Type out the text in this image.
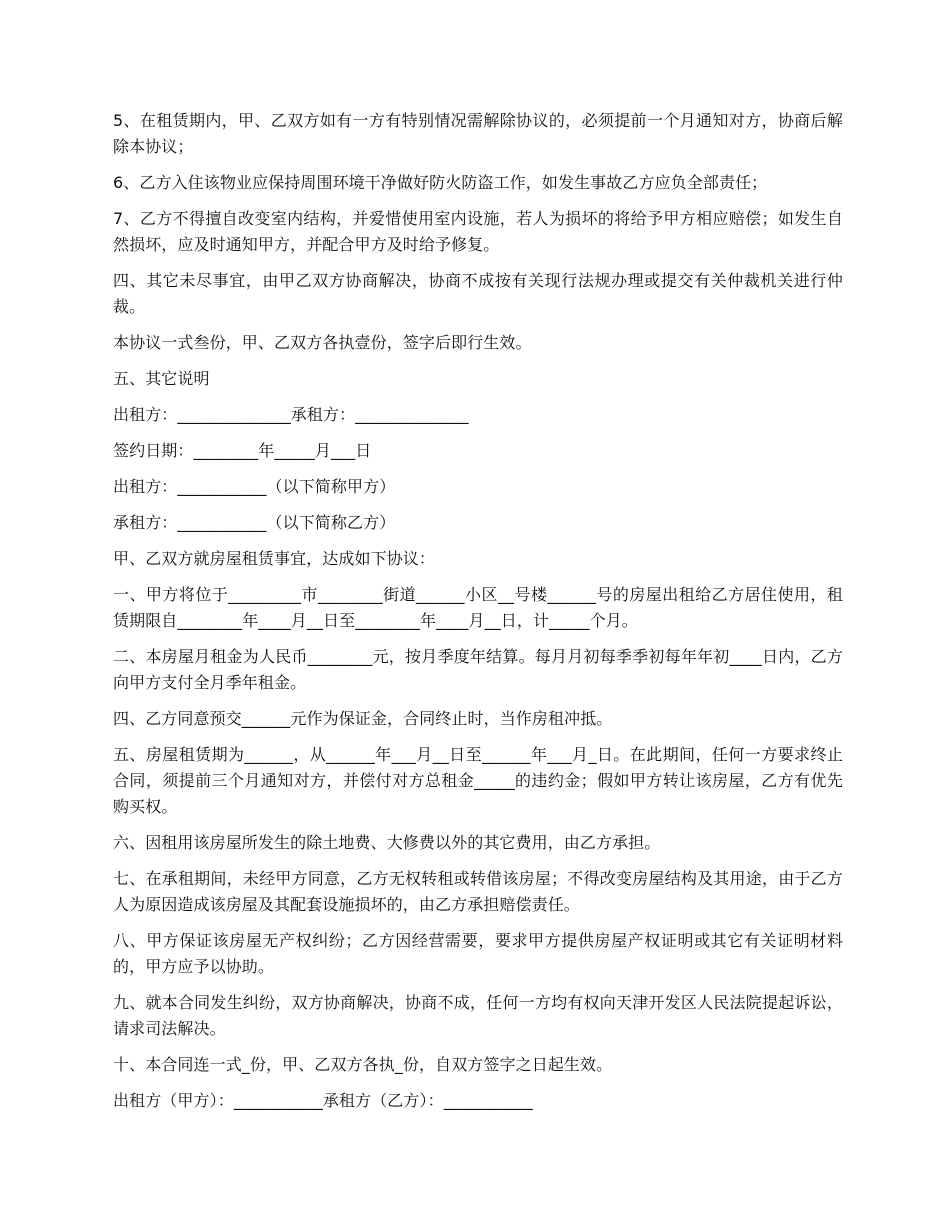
5、在租赁期内，甲、乙双方如有一方有特别情况需解除协议的，必须提前一个月通知对方，协商后解除本协议；

6、乙方入住该物业应保持周围环境干净做好防火防盗工作，如发生事故乙方应负全部责任；

7、乙方不得擅自改变室内结构，并爱惜使用室内设施，若人为损坏的将给予甲方相应赔偿；如发生自然损坏，应及时通知甲方，并配合甲方及时给予修复。

四、其它未尽事宜，由甲乙双方协商解决，协商不成按有关现行法规办理或提交有关仲裁机关进行仲裁。

本协议一式叁份，甲、乙双方各执壹份，签字后即行生效。

五、其它说明

出租方：______________承租方：______________

签约日期：________年_____月___日

出租方：___________（以下简称甲方）

承租方：___________（以下简称乙方）

甲、乙双方就房屋租赁事宜，达成如下协议：

一、甲方将位于_________市________街道______小区__号楼______号的房屋出租给乙方居住使用，租赁期限自________年____月__日至________年____月__日，计_____个月。

二、本房屋月租金为人民币________元，按月季度年结算。每月月初每季季初每年年初____日内，乙方向甲方支付全月季年租金。

四、乙方同意预交______元作为保证金，合同终止时，当作房租冲抵。

五、房屋租赁期为______，从______年___月__日至______年___月_日。在此期间，任何一方要求终止合同，须提前三个月通知对方，并偿付对方总租金_____的违约金；假如甲方转让该房屋，乙方有优先购买权。

六、因租用该房屋所发生的除土地费、大修费以外的其它费用，由乙方承担。

七、在承租期间，未经甲方同意，乙方无权转租或转借该房屋；不得改变房屋结构及其用途，由于乙方人为原因造成该房屋及其配套设施损坏的，由乙方承担赔偿责任。

八、甲方保证该房屋无产权纠纷；乙方因经营需要，要求甲方提供房屋产权证明或其它有关证明材料的，甲方应予以协助。

九、就本合同发生纠纷，双方协商解决，协商不成，任何一方均有权向天津开发区人民法院提起诉讼，请求司法解决。

十、本合同连一式_份，甲、乙双方各执_份，自双方签字之日起生效。

出租方（甲方）：___________承租方（乙方）：___________
